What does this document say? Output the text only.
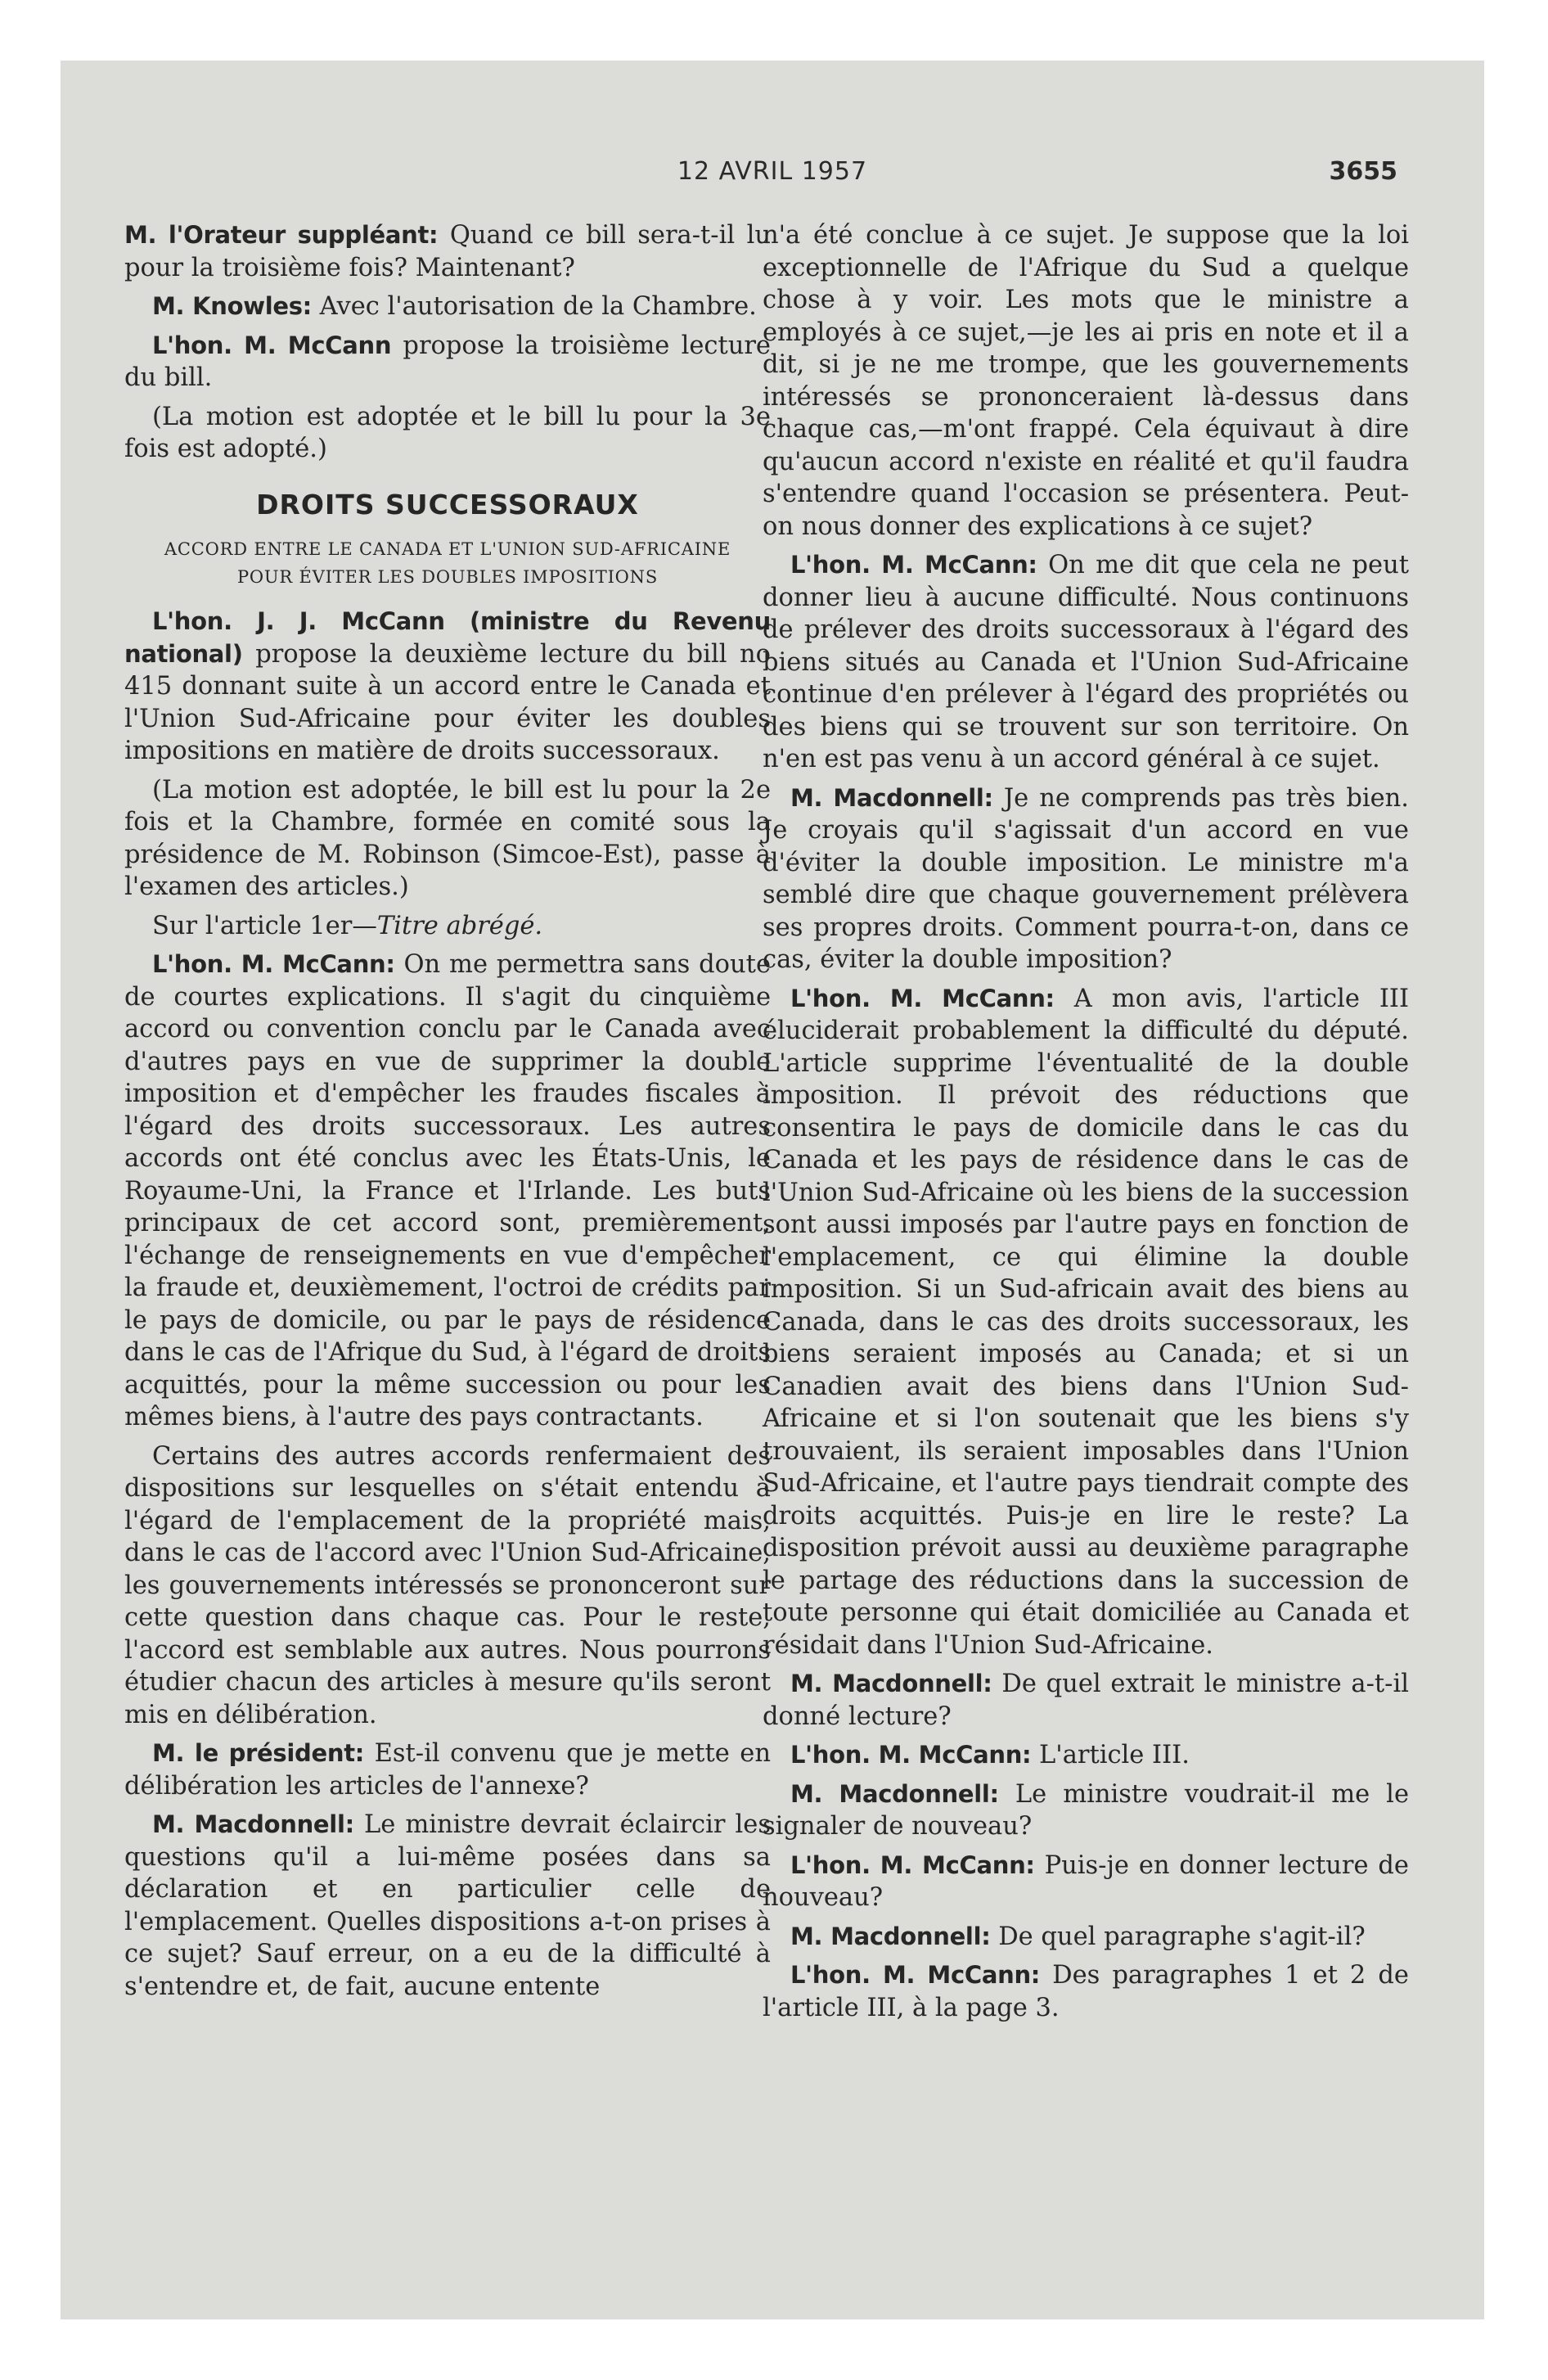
12 AVRIL 1957	3655

M. l'Orateur suppléant: Quand ce bill sera-t-il lu pour la troisième fois? Maintenant?

M. Knowles: Avec l'autorisation de la Chambre.

L'hon. M. McCann propose la troisième lecture du bill.

(La motion est adoptée et le bill lu pour la 3e fois est adopté.)

DROITS SUCCESSORAUX
ACCORD ENTRE LE CANADA ET L'UNION SUD-AFRICAINE POUR ÉVITER LES DOUBLES IMPOSITIONS

L'hon. J. J. McCann (ministre du Revenu national) propose la deuxième lecture du bill no 415 donnant suite à un accord entre le Canada et l'Union Sud-Africaine pour éviter les doubles impositions en matière de droits successoraux.

(La motion est adoptée, le bill est lu pour la 2e fois et la Chambre, formée en comité sous la présidence de M. Robinson (Simcoe-Est), passe à l'examen des articles.)

Sur l'article 1er—Titre abrégé.

L'hon. M. McCann: On me permettra sans doute de courtes explications. Il s'agit du cinquième accord ou convention conclu par le Canada avec d'autres pays en vue de supprimer la double imposition et d'empêcher les fraudes fiscales à l'égard des droits successoraux. Les autres accords ont été conclus avec les États-Unis, le Royaume-Uni, la France et l'Irlande. Les buts principaux de cet accord sont, premièrement, l'échange de renseignements en vue d'empêcher la fraude et, deuxièmement, l'octroi de crédits par le pays de domicile, ou par le pays de résidence dans le cas de l'Afrique du Sud, à l'égard de droits acquittés, pour la même succession ou pour les mêmes biens, à l'autre des pays contractants.

Certains des autres accords renfermaient des dispositions sur lesquelles on s'était entendu à l'égard de l'emplacement de la propriété mais, dans le cas de l'accord avec l'Union Sud-Africaine, les gouvernements intéressés se prononceront sur cette question dans chaque cas. Pour le reste, l'accord est semblable aux autres. Nous pourrons étudier chacun des articles à mesure qu'ils seront mis en délibération.

M. le président: Est-il convenu que je mette en délibération les articles de l'annexe?

M. Macdonnell: Le ministre devrait éclaircir les questions qu'il a lui-même posées dans sa déclaration et en particulier celle de l'emplacement. Quelles dispositions a-t-on prises à ce sujet? Sauf erreur, on a eu de la difficulté à s'entendre et, de fait, aucune entente

n'a été conclue à ce sujet. Je suppose que la loi exceptionnelle de l'Afrique du Sud a quelque chose à y voir. Les mots que le ministre a employés à ce sujet,—je les ai pris en note et il a dit, si je ne me trompe, que les gouvernements intéressés se prononceraient là-dessus dans chaque cas,—m'ont frappé. Cela équivaut à dire qu'aucun accord n'existe en réalité et qu'il faudra s'entendre quand l'occasion se présentera. Peut-on nous donner des explications à ce sujet?

L'hon. M. McCann: On me dit que cela ne peut donner lieu à aucune difficulté. Nous continuons de prélever des droits successoraux à l'égard des biens situés au Canada et l'Union Sud-Africaine continue d'en prélever à l'égard des propriétés ou des biens qui se trouvent sur son territoire. On n'en est pas venu à un accord général à ce sujet.

M. Macdonnell: Je ne comprends pas très bien. Je croyais qu'il s'agissait d'un accord en vue d'éviter la double imposition. Le ministre m'a semblé dire que chaque gouvernement prélèvera ses propres droits. Comment pourra-t-on, dans ce cas, éviter la double imposition?

L'hon. M. McCann: A mon avis, l'article III éluciderait probablement la difficulté du député. L'article supprime l'éventualité de la double imposition. Il prévoit des réductions que consentira le pays de domicile dans le cas du Canada et les pays de résidence dans le cas de l'Union Sud-Africaine où les biens de la succession sont aussi imposés par l'autre pays en fonction de l'emplacement, ce qui élimine la double imposition. Si un Sud-africain avait des biens au Canada, dans le cas des droits successoraux, les biens seraient imposés au Canada; et si un Canadien avait des biens dans l'Union Sud-Africaine et si l'on soutenait que les biens s'y trouvaient, ils seraient imposables dans l'Union Sud-Africaine, et l'autre pays tiendrait compte des droits acquittés. Puis-je en lire le reste? La disposition prévoit aussi au deuxième paragraphe le partage des réductions dans la succession de toute personne qui était domiciliée au Canada et résidait dans l'Union Sud-Africaine.

M. Macdonnell: De quel extrait le ministre a-t-il donné lecture?

L'hon. M. McCann: L'article III.

M. Macdonnell: Le ministre voudrait-il me le signaler de nouveau?

L'hon. M. McCann: Puis-je en donner lecture de nouveau?

M. Macdonnell: De quel paragraphe s'agit-il?

L'hon. M. McCann: Des paragraphes 1 et 2 de l'article III, à la page 3.
